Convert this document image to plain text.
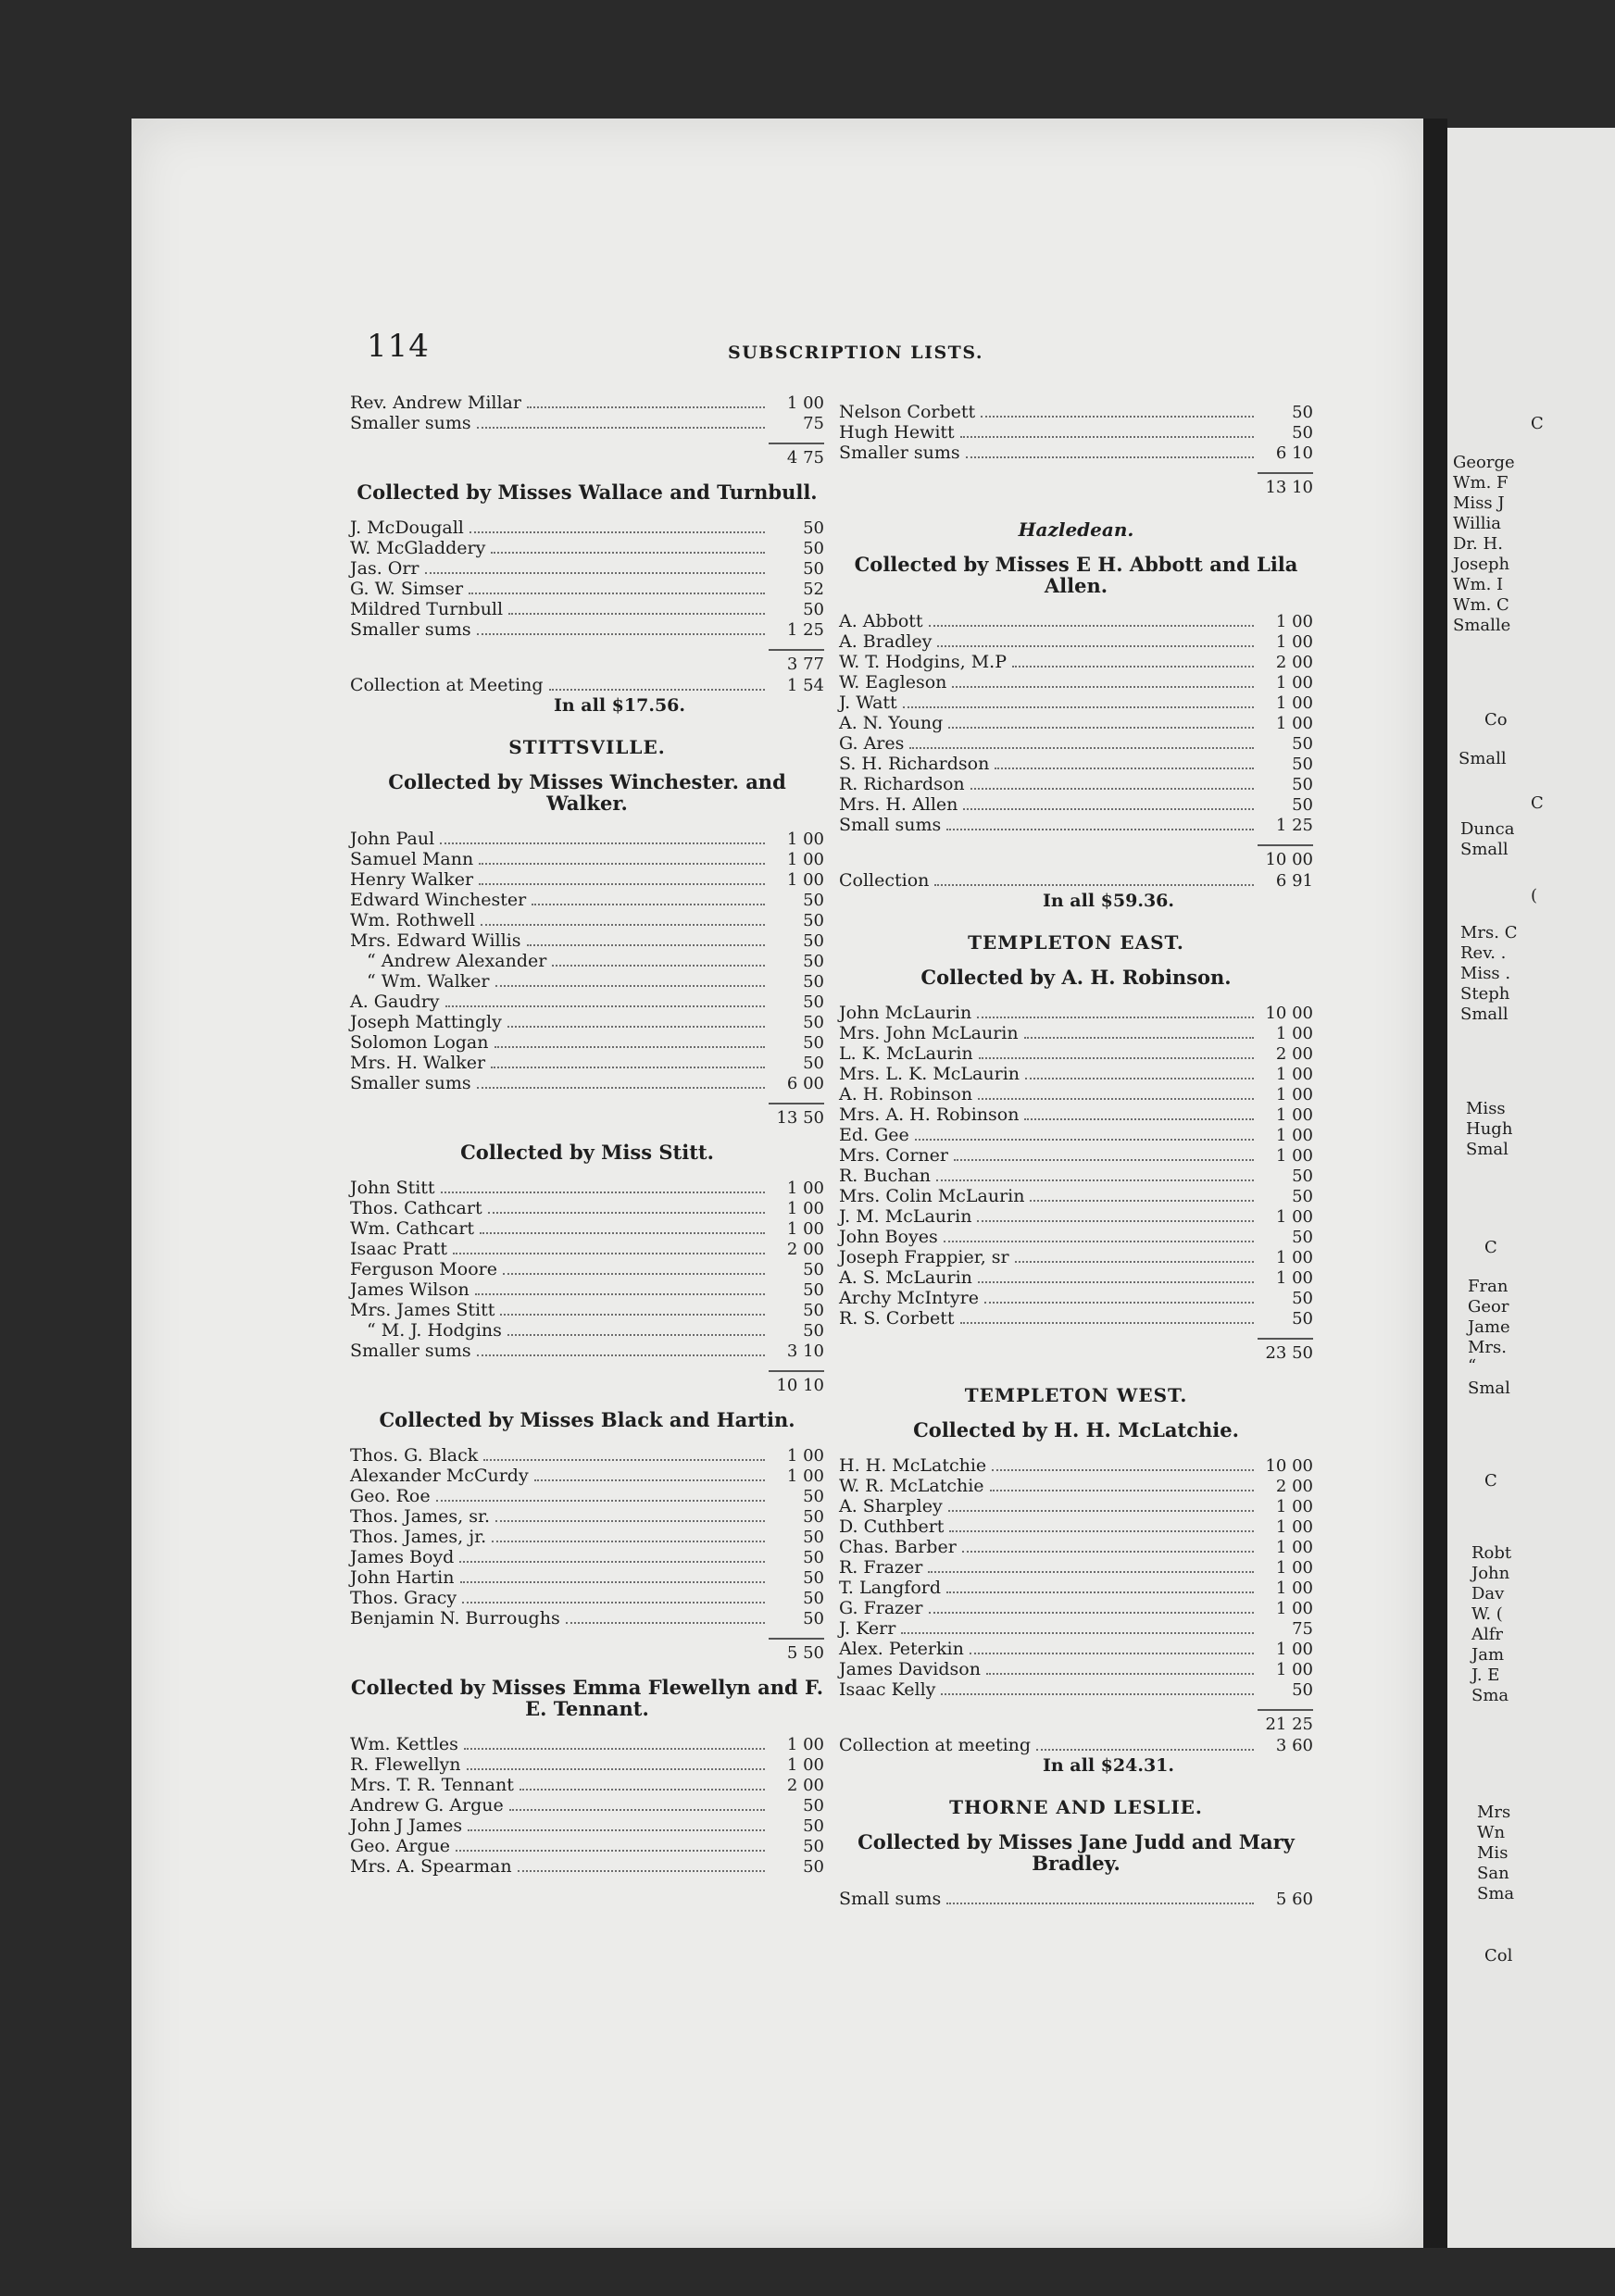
C
George
Wm. F
Miss J
Willia
Dr. H.
Joseph
Wm. I
Wm. C
Smalle
Co
Small
C
Dunca
Small
(
Mrs. C
Rev. .
Miss .
Steph
Small
Miss
Hugh
Smal
C
Fran
Geor
Jame
Mrs.
“
Smal
C
Robt
John
Dav
W. (
Alfr
Jam
J. E
Sma
Mrs
Wn
Mis
San
Sma
Col
114	SUBSCRIPTION LISTS.
Rev. Andrew Millar	1 00
Smaller sums	75
4 75
Collected by Misses Wallace and Turnbull.
J. McDougall	50
W. McGladdery	50
Jas. Orr	50
G. W. Simser	52
Mildred Turnbull	50
Smaller sums	1 25
3 77
Collection at Meeting	1 54
In all $17.56.
STITTSVILLE.
Collected by Misses Winchester. and Walker.
John Paul	1 00
Samuel Mann	1 00
Henry Walker	1 00
Edward Winchester	50
Wm. Rothwell	50
Mrs. Edward Willis	50
“ Andrew Alexander	50
“ Wm. Walker	50
A. Gaudry	50
Joseph Mattingly	50
Solomon Logan	50
Mrs. H. Walker	50
Smaller sums	6 00
13 50
Collected by Miss Stitt.
John Stitt	1 00
Thos. Cathcart	1 00
Wm. Cathcart	1 00
Isaac Pratt	2 00
Ferguson Moore	50
James Wilson	50
Mrs. James Stitt	50
“ M. J. Hodgins	50
Smaller sums	3 10
10 10
Collected by Misses Black and Hartin.
Thos. G. Black	1 00
Alexander McCurdy	1 00
Geo. Roe	50
Thos. James, sr.	50
Thos. James, jr.	50
James Boyd	50
John Hartin	50
Thos. Gracy	50
Benjamin N. Burroughs	50
5 50
Collected by Misses Emma Flewellyn and F. E. Tennant.
Wm. Kettles	1 00
R. Flewellyn	1 00
Mrs. T. R. Tennant	2 00
Andrew G. Argue	50
John J James	50
Geo. Argue	50
Mrs. A. Spearman	50
Nelson Corbett	50
Hugh Hewitt	50
Smaller sums	6 10
13 10
Hazledean.
Collected by Misses E H. Abbott and Lila Allen.
A. Abbott	1 00
A. Bradley	1 00
W. T. Hodgins, M.P	2 00
W. Eagleson	1 00
J. Watt	1 00
A. N. Young	1 00
G. Ares	50
S. H. Richardson	50
R. Richardson	50
Mrs. H. Allen	50
Small sums	1 25
10 00
Collection	6 91
In all $59.36.
TEMPLETON EAST.
Collected by A. H. Robinson.
John McLaurin	10 00
Mrs. John McLaurin	1 00
L. K. McLaurin	2 00
Mrs. L. K. McLaurin	1 00
A. H. Robinson	1 00
Mrs. A. H. Robinson	1 00
Ed. Gee	1 00
Mrs. Corner	1 00
R. Buchan	50
Mrs. Colin McLaurin	50
J. M. McLaurin	1 00
John Boyes	50
Joseph Frappier, sr	1 00
A. S. McLaurin	1 00
Archy McIntyre	50
R. S. Corbett	50
23 50
TEMPLETON WEST.
Collected by H. H. McLatchie.
H. H. McLatchie	10 00
W. R. McLatchie	2 00
A. Sharpley	1 00
D. Cuthbert	1 00
Chas. Barber	1 00
R. Frazer	1 00
T. Langford	1 00
G. Frazer	1 00
J. Kerr	75
Alex. Peterkin	1 00
James Davidson	1 00
Isaac Kelly	50
21 25
Collection at meeting	3 60
In all $24.31.
THORNE AND LESLIE.
Collected by Misses Jane Judd and Mary Bradley.
Small sums	5 60
